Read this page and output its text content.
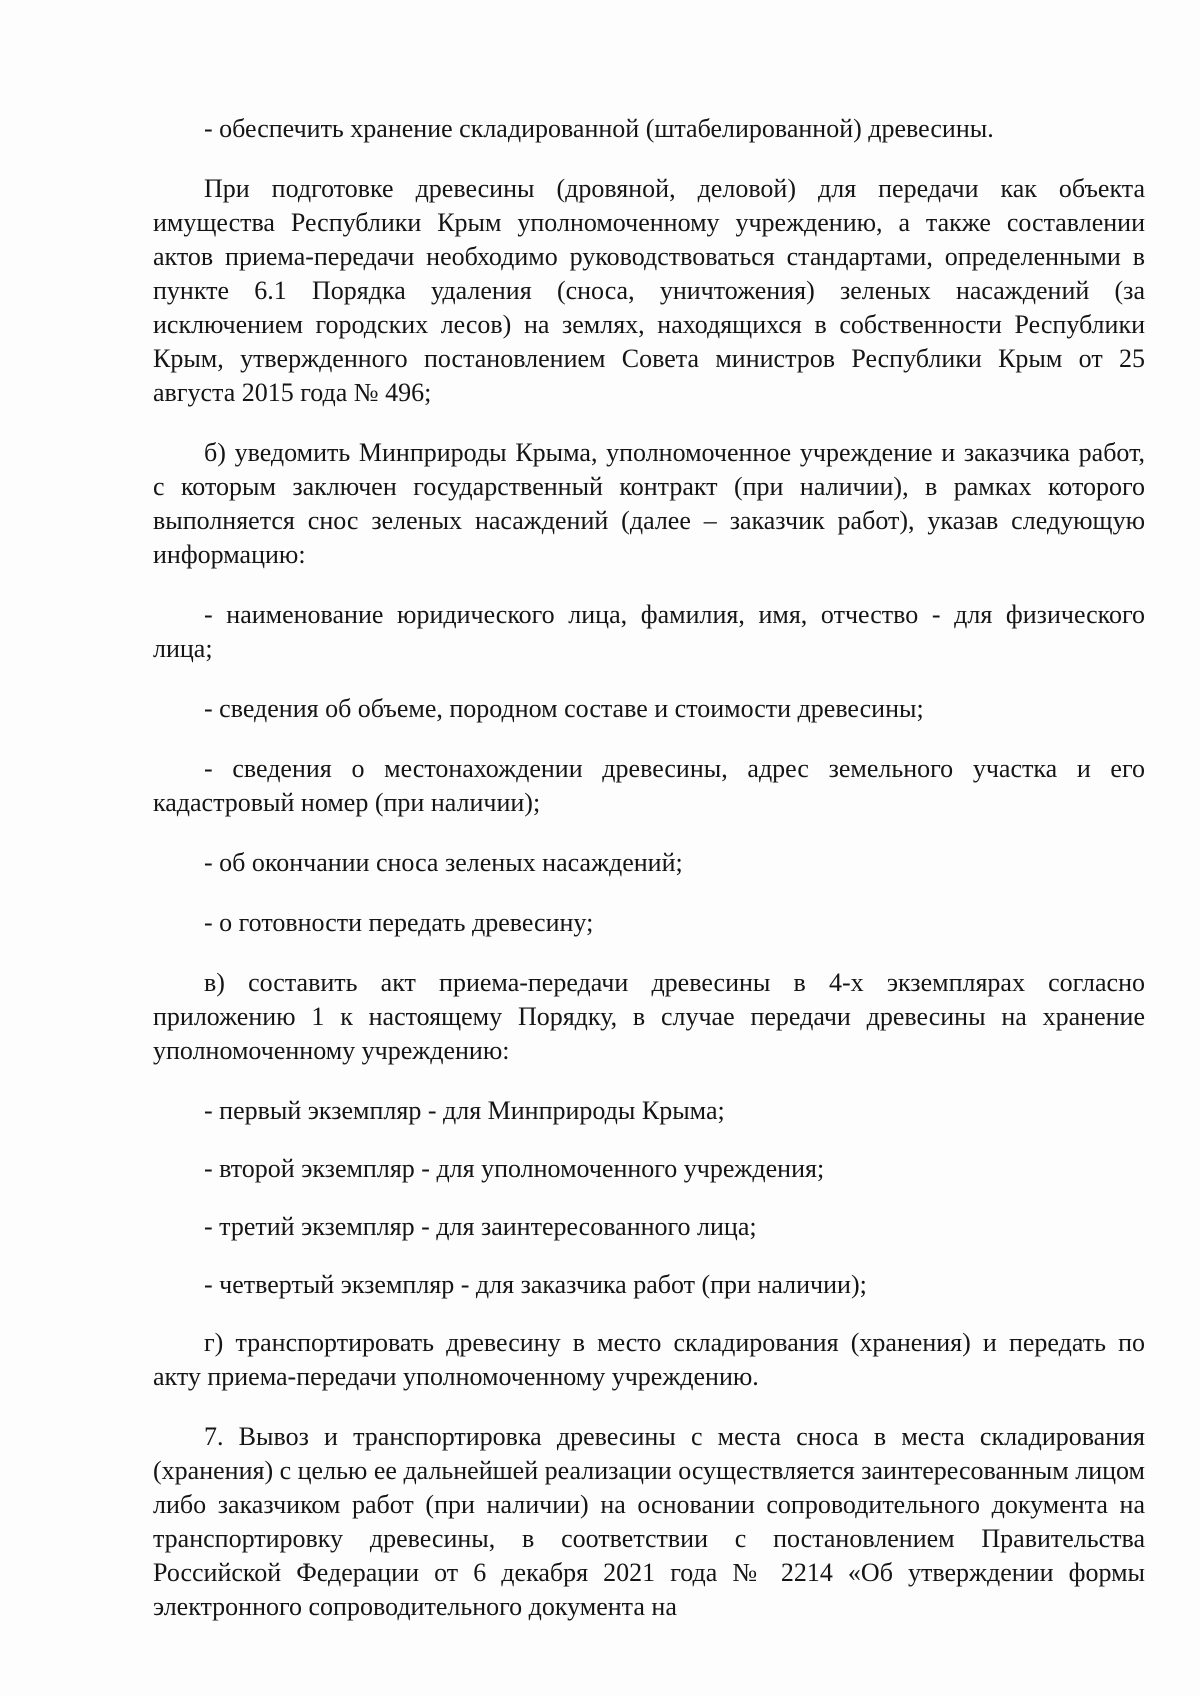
- обеспечить хранение складированной (штабелированной) древесины.

При подготовке древесины (дровяной, деловой) для передачи как объекта имущества Республики Крым уполномоченному учреждению, а также составлении актов приема-передачи необходимо руководствоваться стандартами, определенными в пункте 6.1 Порядка удаления (сноса, уничтожения) зеленых насаждений (за исключением городских лесов) на землях, находящихся в собственности Республики Крым, утвержденного постановлением Совета министров Республики Крым от 25 августа 2015 года № 496;

б) уведомить Минприроды Крыма, уполномоченное учреждение и заказчика работ, с которым заключен государственный контракт (при наличии), в рамках которого выполняется снос зеленых насаждений (далее – заказчик работ), указав следующую информацию:

- наименование юридического лица, фамилия, имя, отчество - для физического лица;

- сведения об объеме, породном составе и стоимости древесины;

- сведения о местонахождении древесины, адрес земельного участка и его кадастровый номер (при наличии);

- об окончании сноса зеленых насаждений;

- о готовности передать древесину;

в) составить акт приема-передачи древесины в 4-х экземплярах согласно приложению 1 к настоящему Порядку, в случае передачи древесины на хранение уполномоченному учреждению:

- первый экземпляр - для Минприроды Крыма;

- второй экземпляр - для уполномоченного учреждения;

- третий экземпляр - для заинтересованного лица;

- четвертый экземпляр - для заказчика работ (при наличии);

г) транспортировать древесину в место складирования (хранения) и передать по акту приема-передачи уполномоченному учреждению.

7. Вывоз и транспортировка древесины с места сноса в места складирования (хранения) с целью ее дальнейшей реализации осуществляется заинтересованным лицом либо заказчиком работ (при наличии) на основании сопроводительного документа на транспортировку древесины, в соответствии с постановлением Правительства Российской Федерации от 6 декабря 2021 года № 2214 «Об утверждении формы электронного сопроводительного документа на
